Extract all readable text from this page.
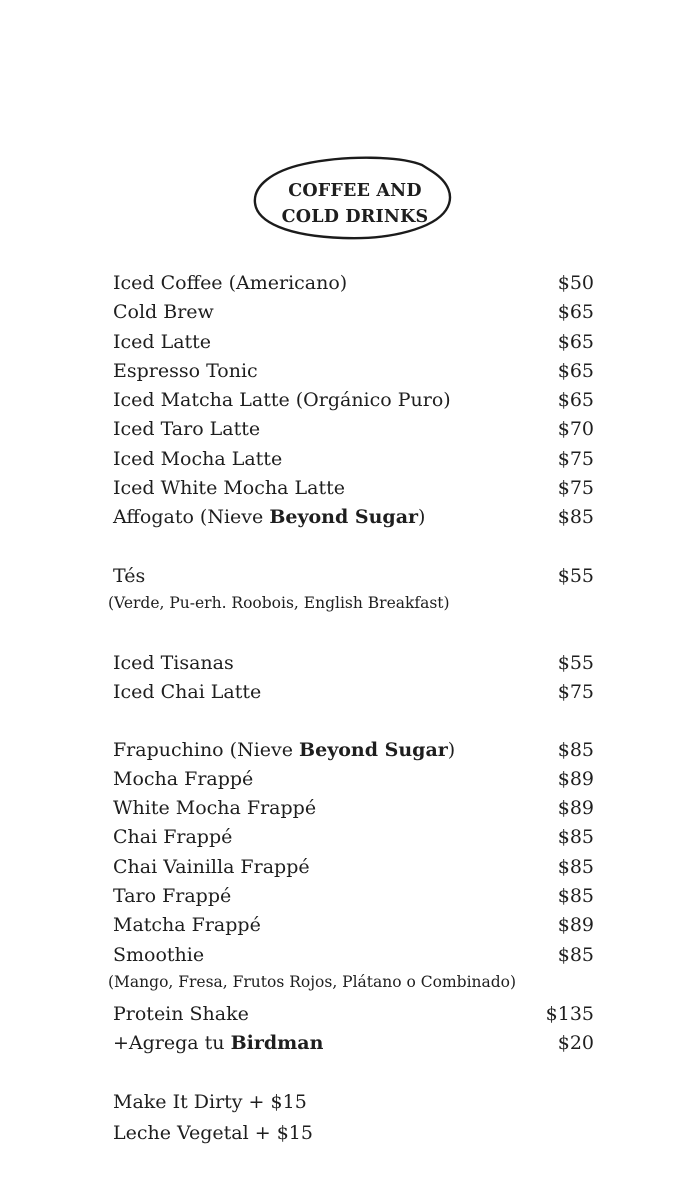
COFFEE AND
COLD DRINKS
Iced Coffee (Americano)	$50
Cold Brew	$65
Iced Latte	$65
Espresso Tonic	$65
Iced Matcha Latte (Orgánico Puro)	$65
Iced Taro Latte	$70
Iced Mocha Latte	$75
Iced White Mocha Latte	$75
Affogato (Nieve Beyond Sugar)	$85
Tés	$55
(Verde, Pu-erh. Roobois, English Breakfast)
Iced Tisanas	$55
Iced Chai Latte	$75
Frapuchino (Nieve Beyond Sugar)	$85
Mocha Frappé	$89
White Mocha Frappé	$89
Chai Frappé	$85
Chai Vainilla Frappé	$85
Taro Frappé	$85
Matcha Frappé	$89
Smoothie	$85
(Mango, Fresa, Frutos Rojos, Plátano o Combinado)
Protein Shake	$135
+Agrega tu Birdman	$20
Make It Dirty + $15
Leche Vegetal + $15
